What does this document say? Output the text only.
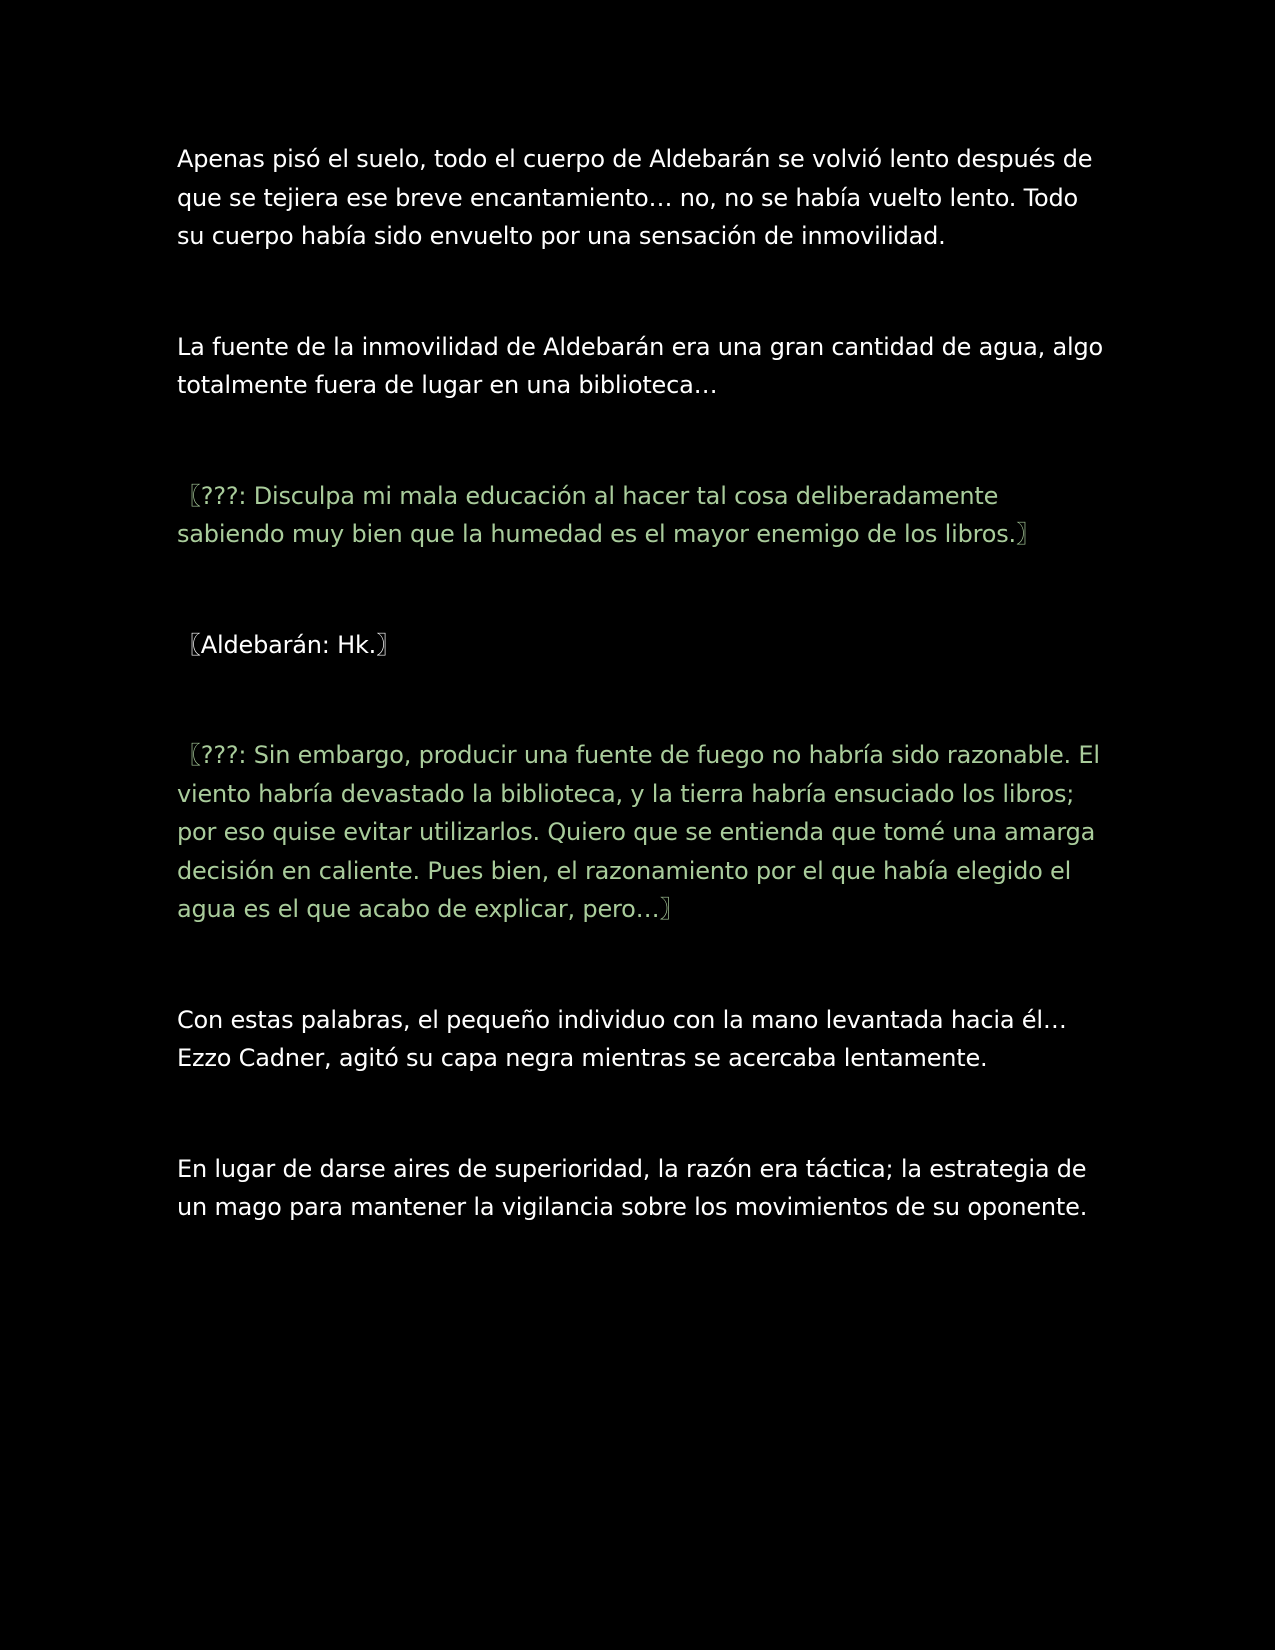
Apenas pisó el suelo, todo el cuerpo de Aldebarán se volvió lento después de que se tejiera ese breve encantamiento… no, no se había vuelto lento. Todo su cuerpo había sido envuelto por una sensación de inmovilidad.

La fuente de la inmovilidad de Aldebarán era una gran cantidad de agua, algo totalmente fuera de lugar en una biblioteca…

〖???: Disculpa mi mala educación al hacer tal cosa deliberadamente sabiendo muy bien que la humedad es el mayor enemigo de los libros.〗

〖Aldebarán: Hk.〗

〖???: Sin embargo, producir una fuente de fuego no habría sido razonable. El viento habría devastado la biblioteca, y la tierra habría ensuciado los libros; por eso quise evitar utilizarlos. Quiero que se entienda que tomé una amarga decisión en caliente. Pues bien, el razonamiento por el que había elegido el agua es el que acabo de explicar, pero…〗

Con estas palabras, el pequeño individuo con la mano levantada hacia él… Ezzo Cadner, agitó su capa negra mientras se acercaba lentamente.

En lugar de darse aires de superioridad, la razón era táctica; la estrategia de un mago para mantener la vigilancia sobre los movimientos de su oponente.
